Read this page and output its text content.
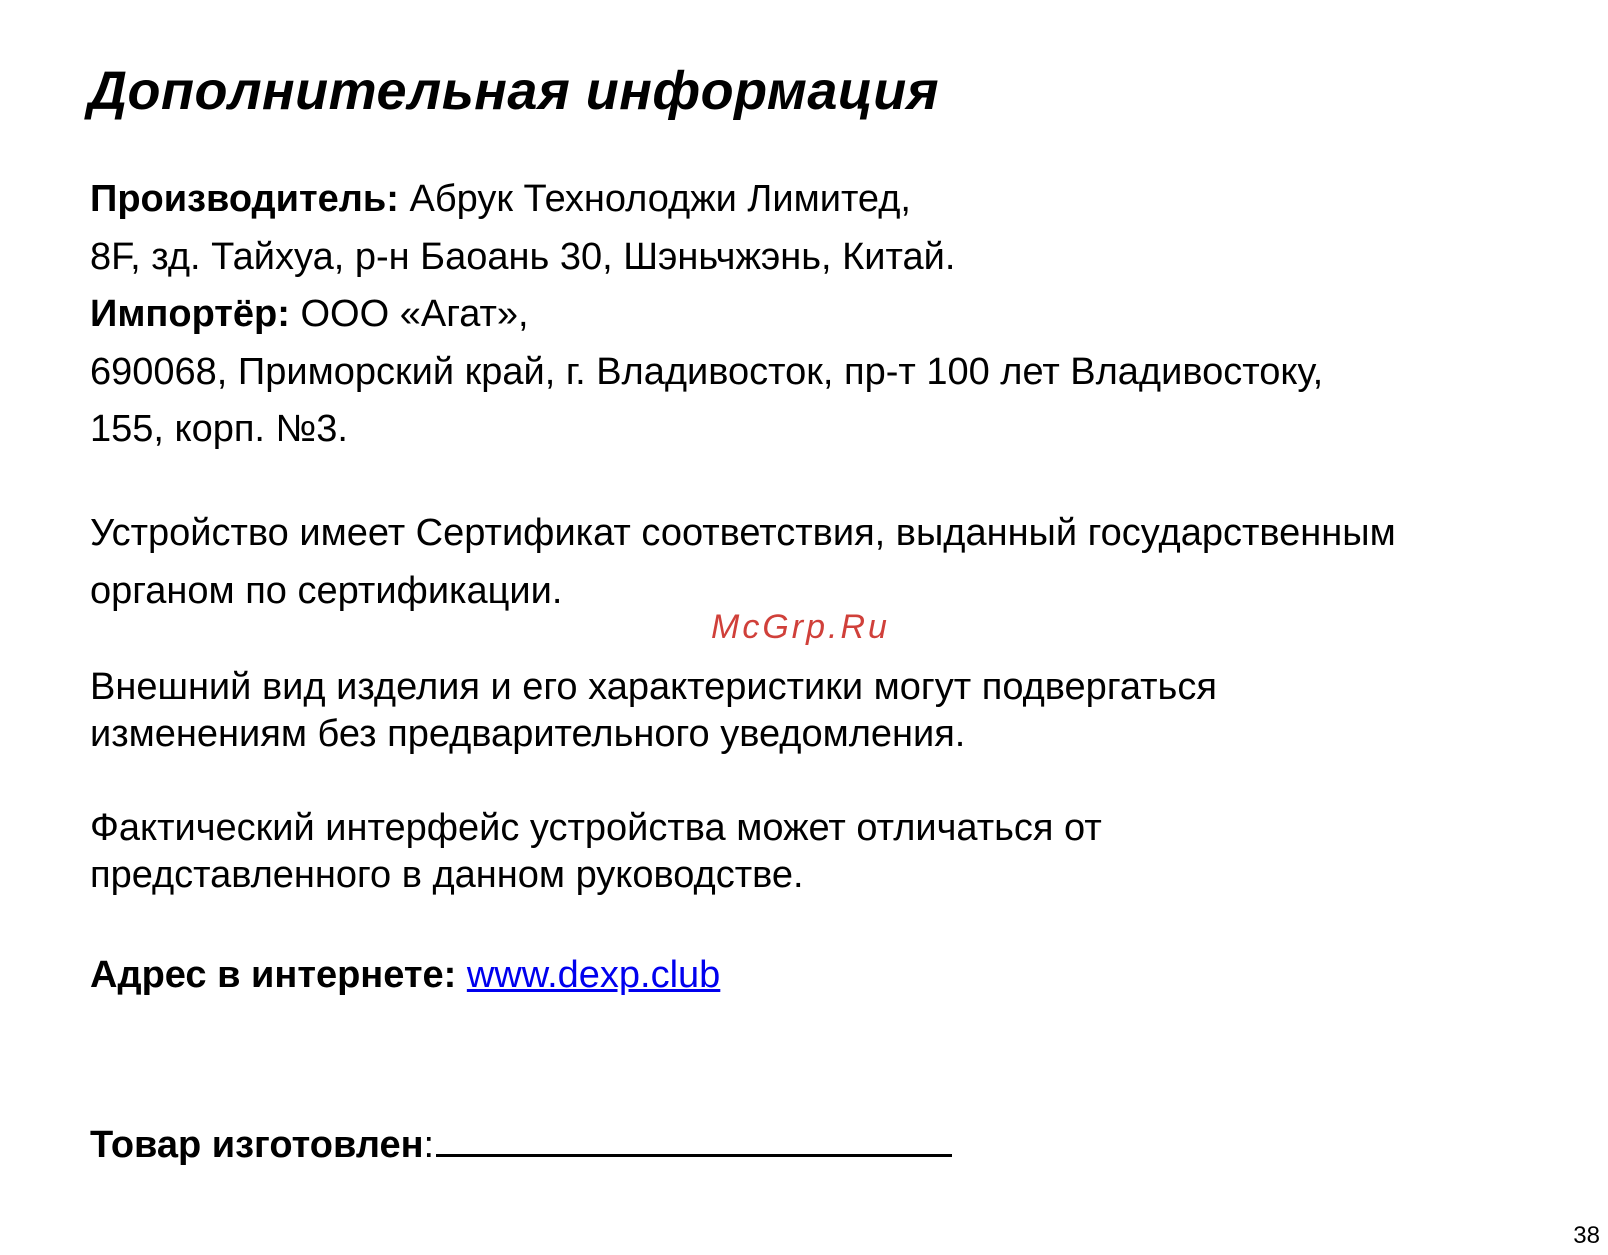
Дополнительная информация
Производитель: Абрук Технолоджи Лимитед,
8F, зд. Тайхуа, р-н Баоань 30, Шэньчжэнь, Китай.
Импортёр: ООО «Агат»,
690068, Приморский край, г. Владивосток, пр-т 100 лет Владивостоку,
155, корп. №3.
Устройство имеет Сертификат соответствия, выданный государственным
органом по сертификации.
McGrp.Ru
Внешний вид изделия и его характеристики могут подвергаться
изменениям без предварительного уведомления.
Фактический интерфейс устройства может отличаться от
представленного в данном руководстве.
Адрес в интернете: www.dexp.club
Товар изготовлен:
38
